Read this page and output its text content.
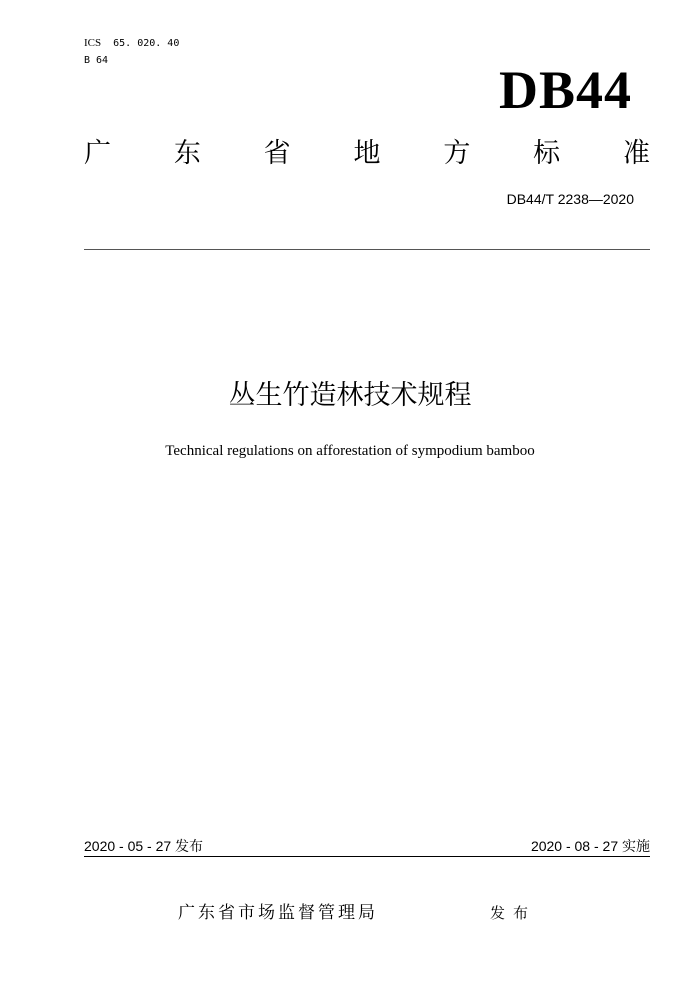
ICS 65. 020. 40
B 64	DB44
广 东 省 地 方 标 准
DB44/T 2238—2020
丛生竹造林技术规程
Technical regulations on afforestation of sympodium bamboo
2020 - 05 - 27 发布	2020 - 08 - 27 实施
广东省市场监督管理局	发布
